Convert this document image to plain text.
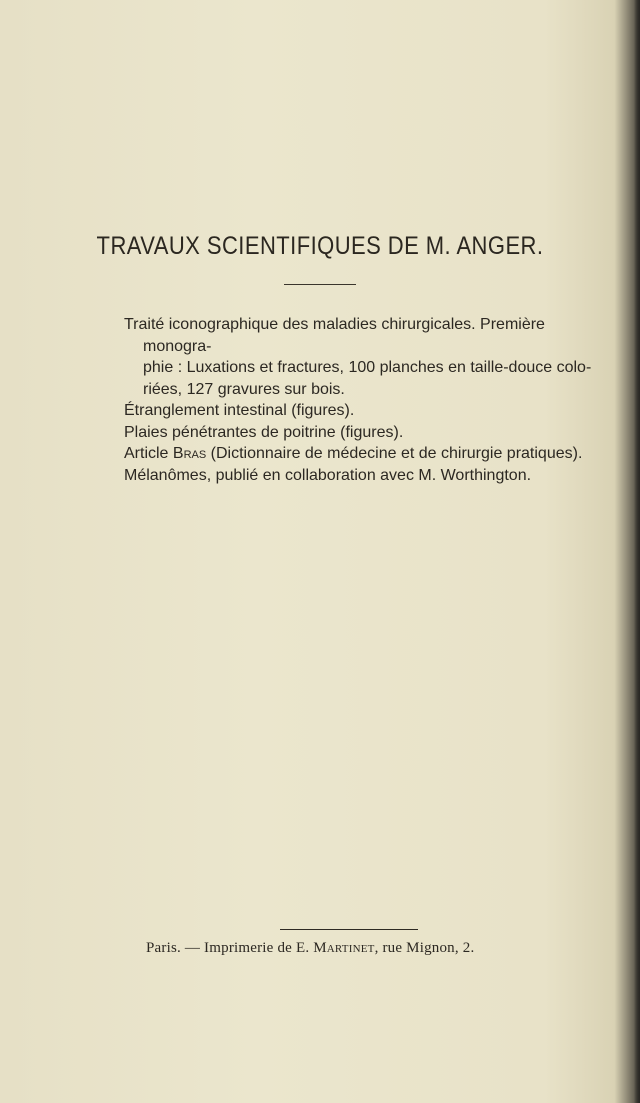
TRAVAUX SCIENTIFIQUES DE M. ANGER.

Traité iconographique des maladies chirurgicales. Première monogra-
phie : Luxations et fractures, 100 planches en taille-douce colo-
riées, 127 gravures sur bois.

Étranglement intestinal (figures).

Plaies pénétrantes de poitrine (figures).

Article Bras (Dictionnaire de médecine et de chirurgie pratiques).

Mélanômes, publié en collaboration avec M. Worthington.

Paris. — Imprimerie de E. Martinet, rue Mignon, 2.
